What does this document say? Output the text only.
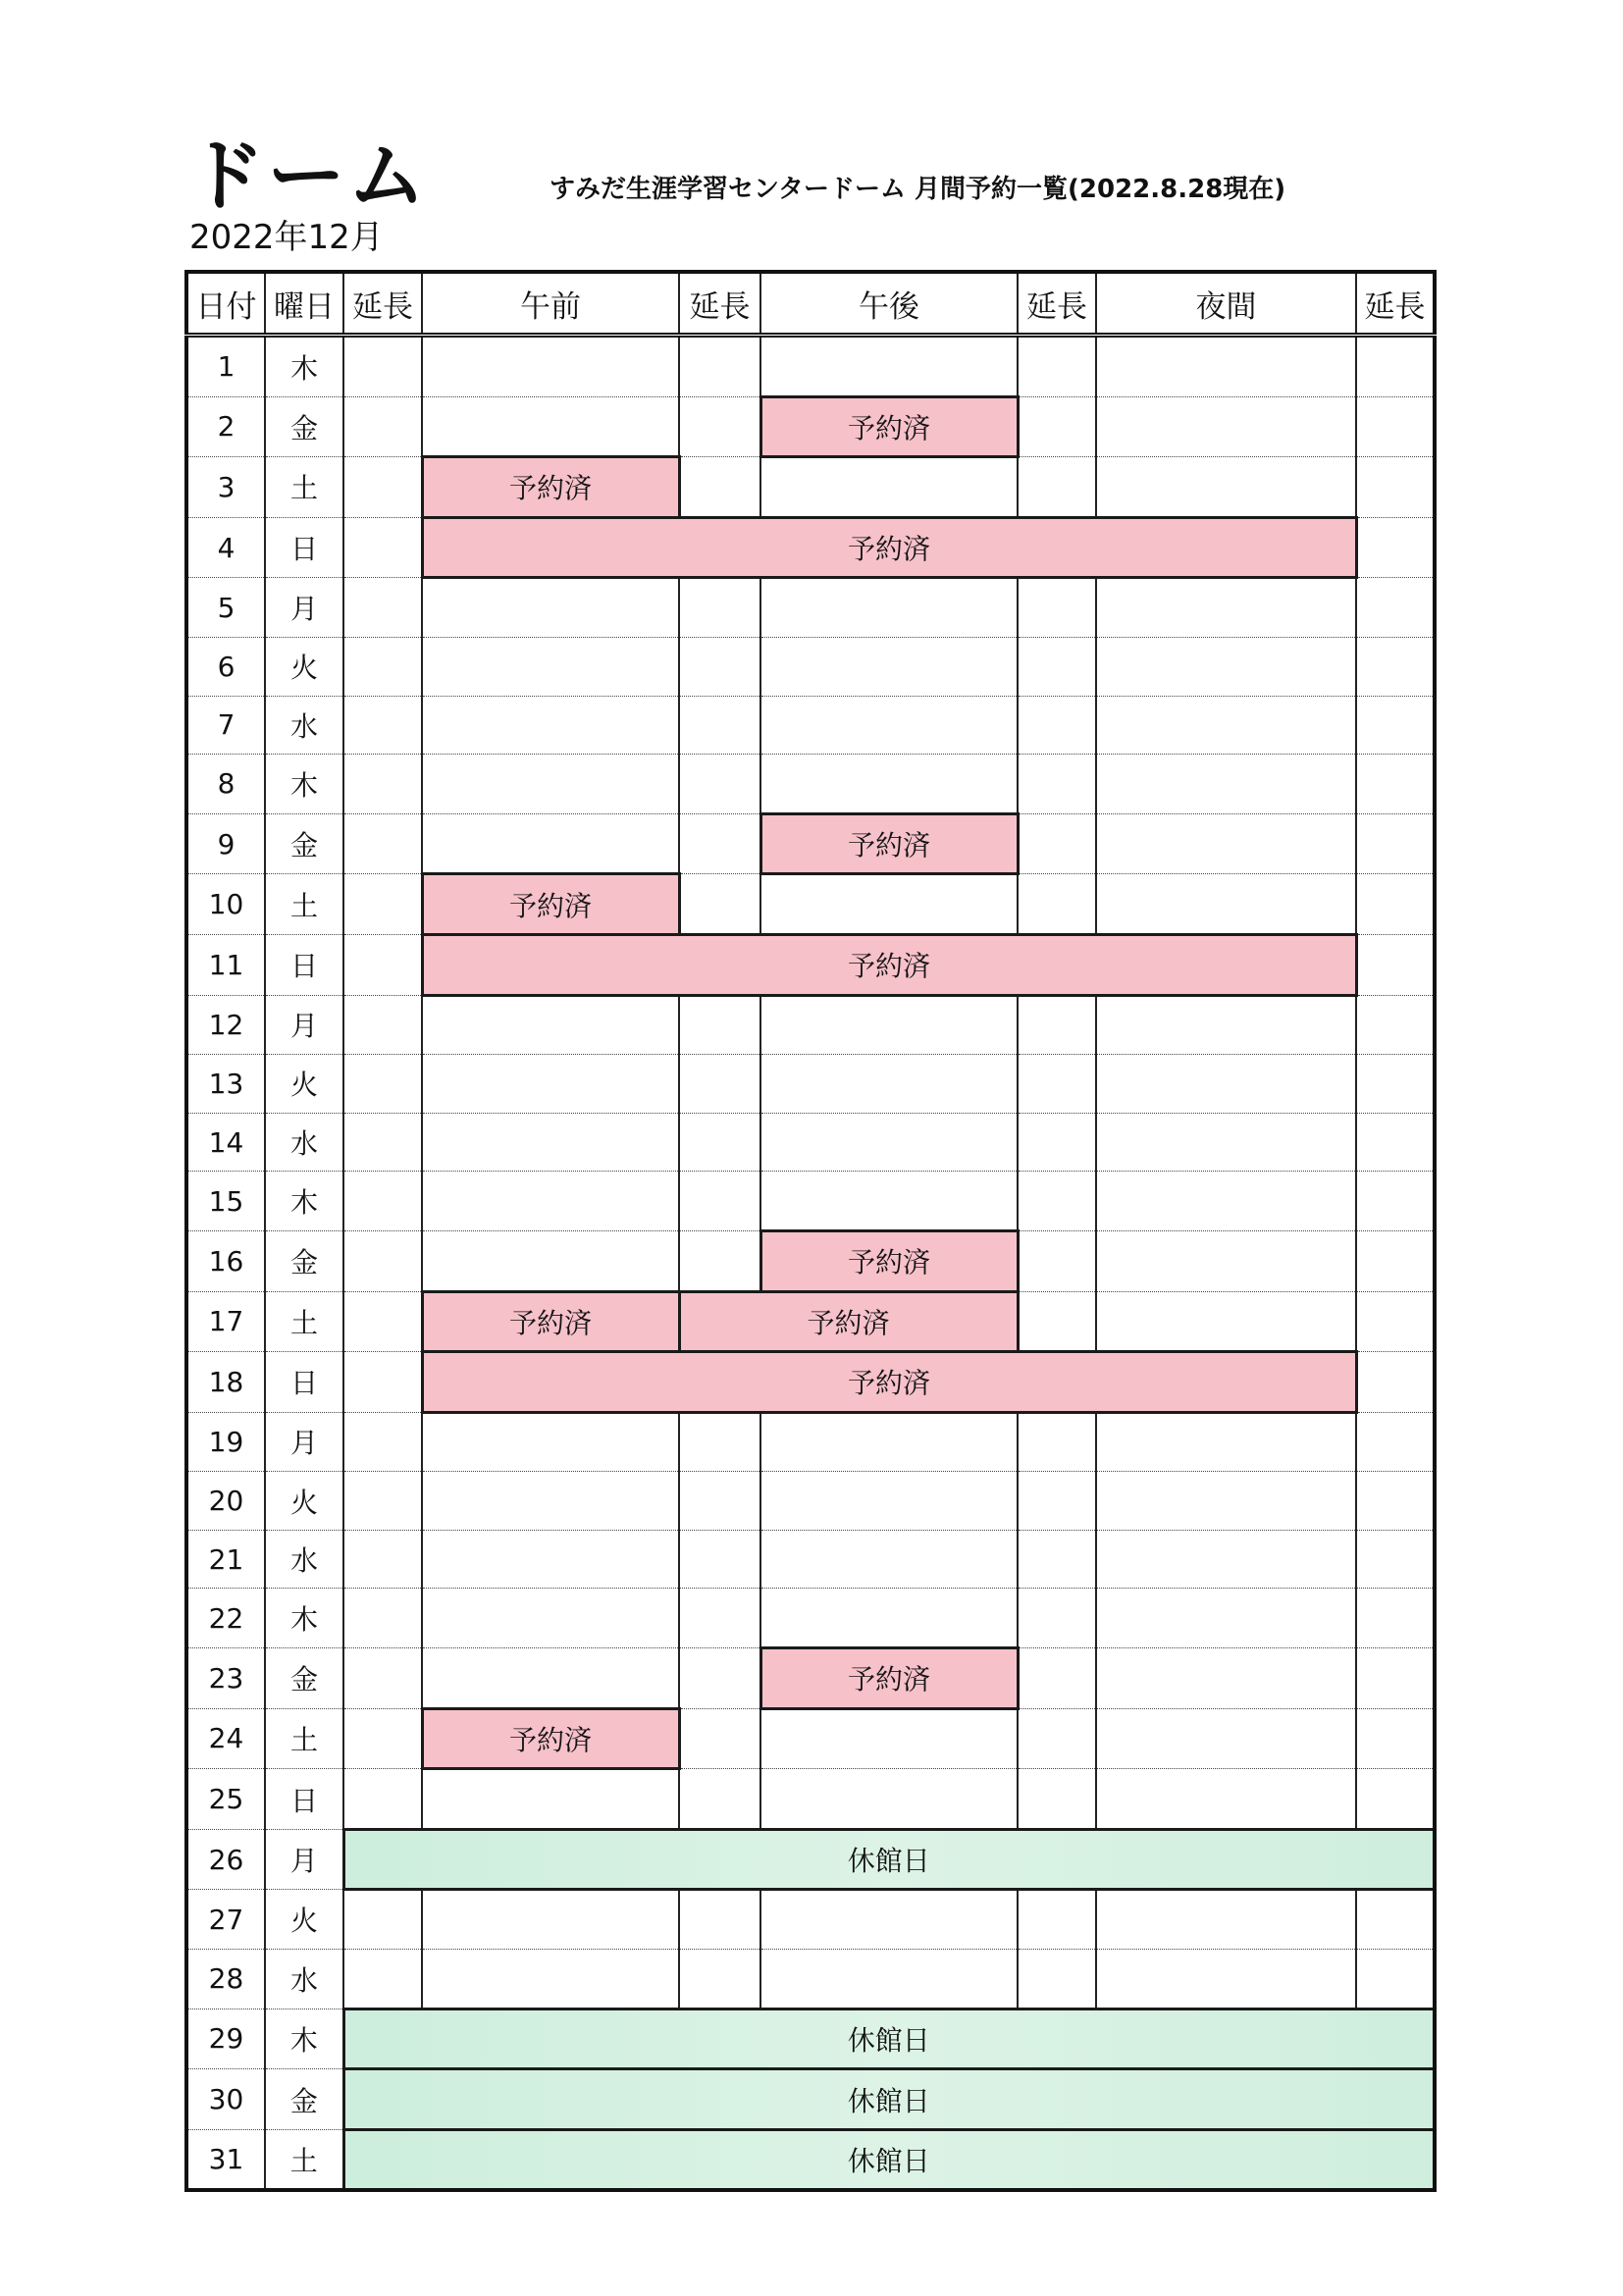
ドーム	すみだ生涯学習センタードーム 月間予約一覧(2022.8.28現在)
2022年12月
日付	曜日	延長	午前	延長	午後	延長	夜間	延長
1	木							
2	金				予約済			
3	土		予約済					
4	日		予約済					
5	月							
6	火							
7	水							
8	木							
9	金				予約済			
10	土		予約済					
11	日		予約済					
12	月							
13	火							
14	水							
15	木							
16	金				予約済			
17	土		予約済	予約済				
18	日		予約済					
19	月							
20	火							
21	水							
22	木							
23	金				予約済			
24	土		予約済					
25	日							
26	月	休館日						
27	火							
28	水							
29	木	休館日						
30	金	休館日						
31	土	休館日						
